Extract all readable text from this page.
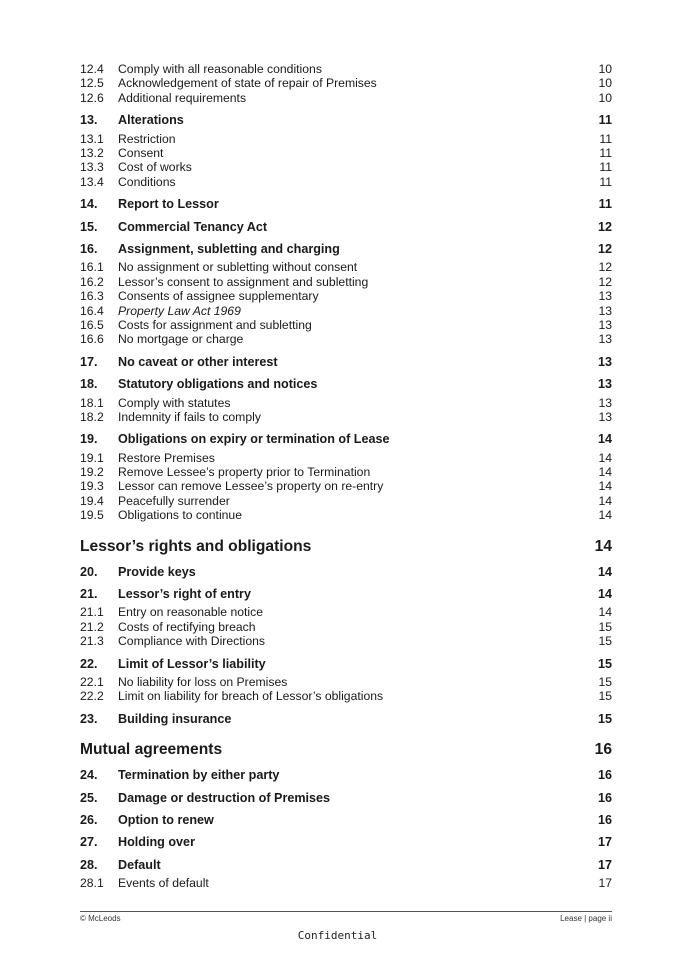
12.4	Comply with all reasonable conditions	10
12.5	Acknowledgement of state of repair of Premises	10
12.6	Additional requirements	10
13.	Alterations	11
13.1	Restriction	11
13.2	Consent	11
13.3	Cost of works	11
13.4	Conditions	11
14.	Report to Lessor	11
15.	Commercial Tenancy Act	12
16.	Assignment, subletting and charging	12
16.1	No assignment or subletting without consent	12
16.2	Lessor’s consent to assignment and subletting	12
16.3	Consents of assignee supplementary	13
16.4	Property Law Act 1969	13
16.5	Costs for assignment and subletting	13
16.6	No mortgage or charge	13
17.	No caveat or other interest	13
18.	Statutory obligations and notices	13
18.1	Comply with statutes	13
18.2	Indemnity if fails to comply	13
19.	Obligations on expiry or termination of Lease	14
19.1	Restore Premises	14
19.2	Remove Lessee’s property prior to Termination	14
19.3	Lessor can remove Lessee’s property on re-entry	14
19.4	Peacefully surrender	14
19.5	Obligations to continue	14
Lessor’s rights and obligations	14
20.	Provide keys	14
21.	Lessor’s right of entry	14
21.1	Entry on reasonable notice	14
21.2	Costs of rectifying breach	15
21.3	Compliance with Directions	15
22.	Limit of Lessor’s liability	15
22.1	No liability for loss on Premises	15
22.2	Limit on liability for breach of Lessor’s obligations	15
23.	Building insurance	15
Mutual agreements	16
24.	Termination by either party	16
25.	Damage or destruction of Premises	16
26.	Option to renew	16
27.	Holding over	17
28.	Default	17
28.1	Events of default	17
© McLeods	Lease | page ii
Confidential
